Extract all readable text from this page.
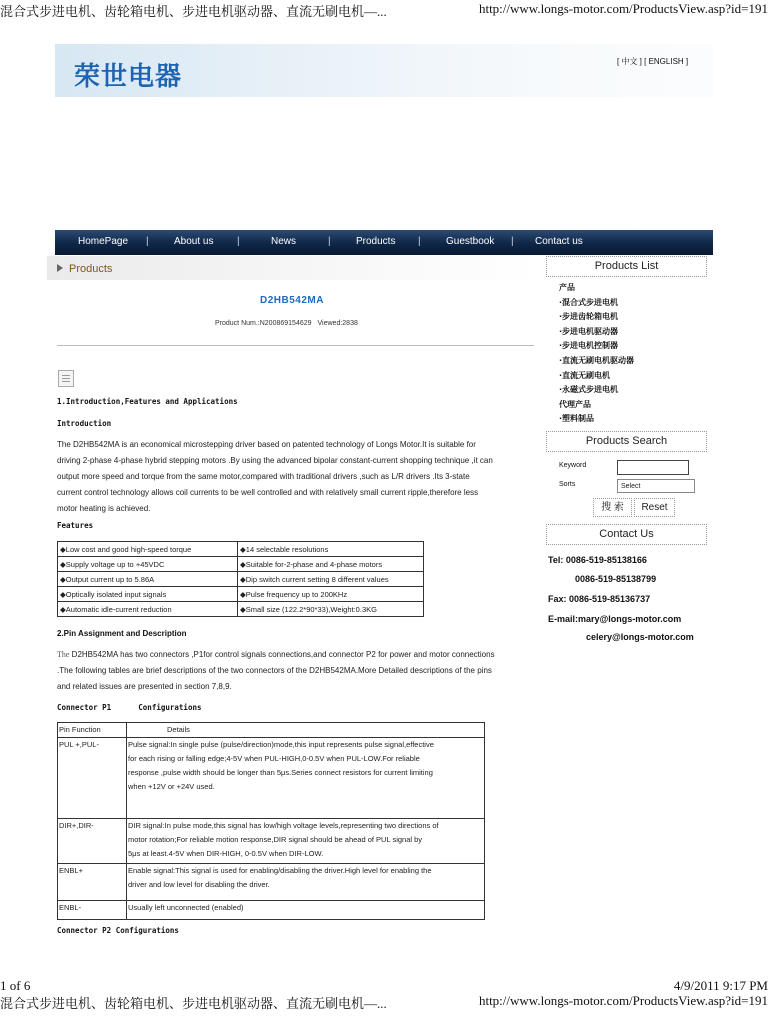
混合式步进电机、齿轮箱电机、步进电机驱动器、直流无刷电机—...	http://www.longs-motor.com/ProductsView.asp?id=191
1 of 6	4/9/2011 9:17 PM
混合式步进电机、齿轮箱电机、步进电机驱动器、直流无刷电机—...	http://www.longs-motor.com/ProductsView.asp?id=191
荣世电器
[ 中文 ] [ ENGLISH ]
HomePage |	About us |	News	|	Products |	Guestbook | Contact us
Products
D2HB542MA
Product Num.:N200869154629 Viewed:2838
1.Introduction,Features and Applications
Introduction
The D2HB542MA is an economical microstepping driver based on patented technology of Longs Motor.It is suitable for
driving 2-phase 4-phase hybrid stepping motors .By using the advanced bipolar constant-current shopping technique ,it can
output more speed and torque from the same motor,compared with traditional drivers ,such as L/R drivers .Its 3-state
current control technology allows coil currents to be well controlled and with relatively small current ripple,therefore less
motor heating is achieved.
Features
◆Low cost and good high-speed torque	◆14 selectable resolutions
◆Supply voltage up to +45VDC	◆Suitable for-2-phase and 4-phase motors
◆Output current up to 5.86A	◆Dip switch current setting 8 different values
◆Optically isolated input signals	◆Pulse frequency up to 200KHz
◆Automatic idle-current reduction	◆Small size (122.2*90*33),Weight:0.3KG
2.Pin Assignment and Description
The D2HB542MA has two connectors ,P1for control signals connections,and connector P2 for power and motor connections
.The following tables are brief descriptions of the two connectors of the D2HB542MA.More Detailed descriptions of the pins
and related issues are presented in section 7,8,9.
Connector P1      Configurations
Pin Function	Details
PUL +,PUL-	Pulse signal:In single pulse (pulse/direction)mode,this input represents pulse signal,effective
for each rising or falling edge;4-5V when PUL-HIGH,0-0.5V when PUL-LOW.For reliable
response ,pulse width should be longer than 5μs.Series connect resistors for current limiting
when +12V or +24V used.

DIR+,DIR-	DIR signal:In pulse mode,this signal has low/high voltage levels,representing two directions of
motor rotation;For reliable motion response,DIR signal should be ahead of PUL signal by
5μs at least.4-5V when DIR-HIGH, 0-0.5V when DIR-LOW.

ENBL+	Enable signal:This signal is used for enabling/disabling the driver.High level for enabling the
driver and low level for disabling the driver.

ENBL-	Usually left unconnected (enabled)
Connector P2 Configurations
Products List
产品
·混合式步进电机
·步进齿轮箱电机
·步进电机驱动器
·步进电机控制器
·直流无刷电机驱动器
·直流无刷电机
·永磁式步进电机
代理产品
·塑料制品
Products Search
Keyword
Sorts	Select
搜 索	Reset
Contact Us
Tel: 0086-519-85138166
0086-519-85138799
Fax: 0086-519-85136737
E-mail:mary@longs-motor.com
celery@longs-motor.com
